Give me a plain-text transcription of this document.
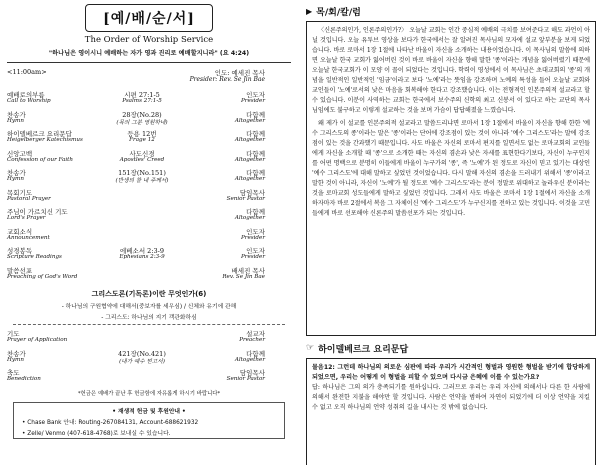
[예/배/순/서]
The Order of Worship Service
"하나님은 영이시니 예배하는 자가 영과 진리로 예배할지니라" (요 4:24)
<11:00am>	인도: 예세진 목사
Presider: Rev. Se Jin Bae
예배로의부름
Call to Worship
시편 27:1-5
Psalms 27:1-5
인도자
Presider
찬송가
Hymn
28장(No.28)
(목의 그분 영원하네)
다함께
Altogether
하이델베르크 요리문답
Heigelberger Katechismus
등용 12번
Frage 12
다함께
Altogether
신앙고백
Confession of our Faith
사도신경
Apostles' Creed
다함께
Altogether
찬송가
Hymn
151장(No.151)
(반생의 찰 내 주께서)
다함께
Altogether
목회기도
Pastoral Prayer
담임목사
Senior Pastor
주님이 가르치신 기도
Lord's Prayer
다함께
Altogether
교회소식
Announcement
인도자
Presider
성경봉독
Scripture Readings
에베소서 2:3-9
Ephesians 2:3-9
인도자
Presider
말씀선포
Preaching of God's Word
배세진 목사
Rev. Se Jin Bae
그리스도론(기독론)이란 무엇인가(6)
- 하나님의 구원협약에 대해서(중보자를 세우심) / 신체와 유기에 관해
- 그리스도: 하나님의 지기 객관화하심
기도
Prayer of Application
설교자
Preacher
찬송가
Hymn
421장(No.421)
(내가 예수 믿고서)
다함께
Altogether
축도
Benediction
담임목사
Senior Pastor
*헌금은 예배가 끝난 후 헌금함에 자유롭게 하시기 바랍니다*
• 재생적 헌금 및 후원안내 •
• Chase Bank 안내: Routing-267084131, Account-688621932
• Zelle/ Venmo (407-618-4768)로 보내실 수 있습니다.
▶ 목/회/칼/럼

〈신론주의인가, 인론주의인가?〉 오늘날 교회는 인간 중심적 예배의 극치를 보여준다고 해도 과언이 아닐 것입니다. 오늘 유투브 영상을 보다가 한국에서는 잘 알려진 목사님의 모자에 설교 앞부분을 보게 되었습니다. 바로 로마서 1장 1절에 나타난 바울이 자신을 소개하는 내용이었습니다. 이 목사님의 말씀에 의하면 오늘날 한국 교회가 잃어버린 것이 바로 바울이 자신을 향해 말한 '종'이라는 개념을 잃어버렸기 때문에 오늘날 한국교회가 이 모양 이 꼴이 되었다는 것입니다. 학력이 영성에서 이 목사님은 초대교회의 '종'의 개념을 일반적인 일반적인 '임금'이라고 보다 '노예'라는 뜻임을 강조하며 노예의 특성을 들어 오늘날 교회와 교인들이 '노예'로서의 낮은 마음을 회복해야 한다고 강조했습니다. 이는 전형적인 인본주의적 설교라고 할 수 있습니다. 이분이 사역하는 교회는 한국에서 보수주의 신학의 최고 신봉서 이 있다고 하는 교단의 목사님임에도 불구하고 이렇게 설교하는 것을 보며 가슴이 답답해졌을 느꼈습니다.

왜 제가 이 설교를 인본주의적 설교라고 말씀드리냐면 로마서 1장 1절에서 바울이 자신을 향해 한한 '예수 그리스도의 종'이라는 말은 '종'이라는 단어에 강조점이 있는 것이 아니라 '예수 그리스도'라는 말에 강조점이 있는 것을 간과했기 때문입니다. 사도 바울은 자신의 로마서 편지를 일면서도 없는 로마교회의 교인들에게 자신을 소개할 때 '종'으로 소개한 때는 자신의 겸손과 낮은 자세를 표현한다기보다, 자신이 누구인지를 어떤 명백으로 분명히 이들에게 바울이 누구가의 '종', 즉 '노예'가 된 정도로 자신이 믿고 있기는 대상인 '예수 그리스도'에 대해 말하고 싶었던 것이었습니다. 다시 말해 자신의 겸손을 드러내기 위해서 '종'이라고 말한 것이 아니라, 자신이 '노예'가 될 정도로 '예수 그리스도'라는 분이 정말로 위대하고 놀라우신 분이라는 것을 로마교회 성도들에게 말하고 싶었던 것입니다. 그래서 사도 바울은 로마서 1장 1절에서 자신을 소개하자마자 바로 2절에서 복음 그 자체이신 '예수 그리스도'가 누구신지를 전하고 있는 것입니다. 이것을 고민들에게 바로 선포해야 신론주의 말씀선포가 되는 것입니다.

☞ 하이델베르크 요리문답
물음12: 그런데 하나님의 의로운 심판에 따라 우리가 시간적인 형벌과 영원한 형벌을 받기에 합당하게 되었으면, 우리는 어떻게 이 형벌을 피할 수 있으며 다시금 은혜에 이를 수 있는가요?
답: 하나님은 그의 의가 충족되기를 원하십니다. 그러므로 우리는 우리 자신에 의해서나 다른 한 사람에 의해서 완전한 지불을 해야만 할 것입니다. 사람은 언약을 범하여 자연이 되었기에 더 이상 언약을 지킬 수 없고 오직 하나님의 언약 성취의 길을 내시는 것 밖에 없습니다.
